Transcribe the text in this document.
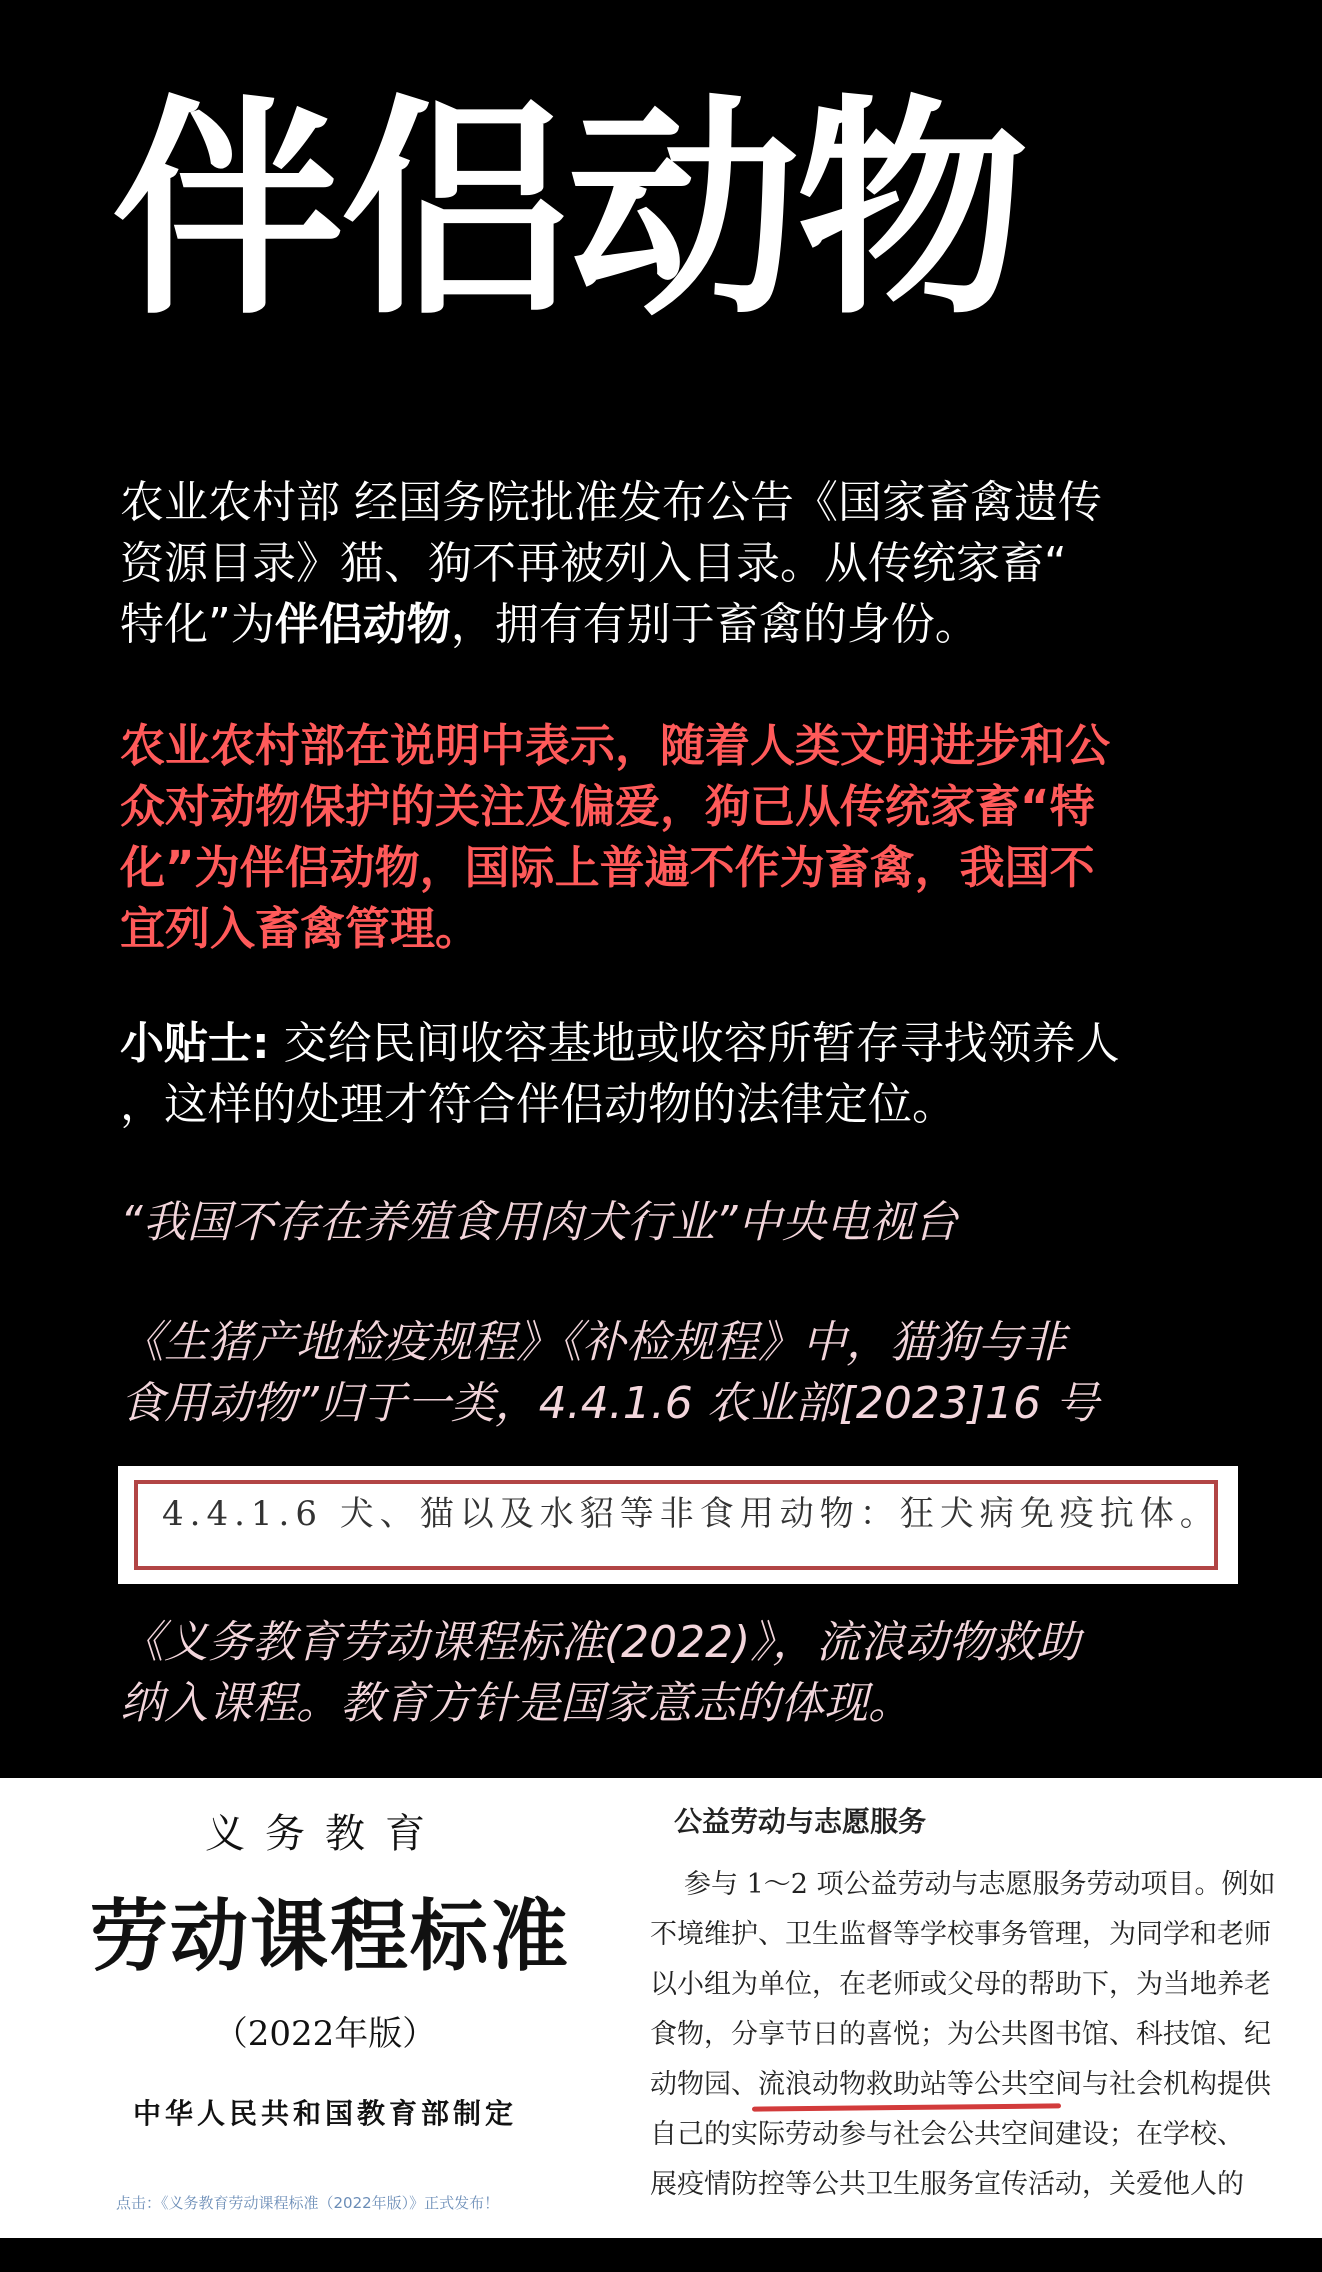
伴侣动物
农业农村部 经国务院批准发布公告《国家畜禽遗传
资源目录》猫、狗不再被列入目录。从传统家畜“
特化”为伴侣动物，拥有有别于畜禽的身份。
农业农村部在说明中表示，随着人类文明进步和公
众对动物保护的关注及偏爱，狗已从传统家畜“特
化”为伴侣动物，国际上普遍不作为畜禽，我国不
宜列入畜禽管理。
小贴士: 交给民间收容基地或收容所暂存寻找领养人
，这样的处理才符合伴侣动物的法律定位。
“我国不存在养殖食用肉犬行业”中央电视台
《生猪产地检疫规程》《补检规程》中，猫狗与非
食用动物”归于一类，4.4.1.6 农业部[2023]16 号
4.4.1.6 犬、猫以及水貂等非食用动物：狂犬病免疫抗体。
《义务教育劳动课程标准(2022)》，流浪动物救助
纳入课程。教育方针是国家意志的体现。
义务教育
劳动课程标准
（2022年版）
中华人民共和国教育部制定
点击：《义务教育劳动课程标准（2022年版）》正式发布！
公益劳动与志愿服务
参与 1～2 项公益劳动与志愿服务劳动项目。例如
不境维护、卫生监督等学校事务管理，为同学和老师
以小组为单位，在老师或父母的帮助下，为当地养老
食物，分享节日的喜悦；为公共图书馆、科技馆、纪
动物园、流浪动物救助站等公共空间与社会机构提供
自己的实际劳动参与社会公共空间建设；在学校、
展疫情防控等公共卫生服务宣传活动，关爱他人的
